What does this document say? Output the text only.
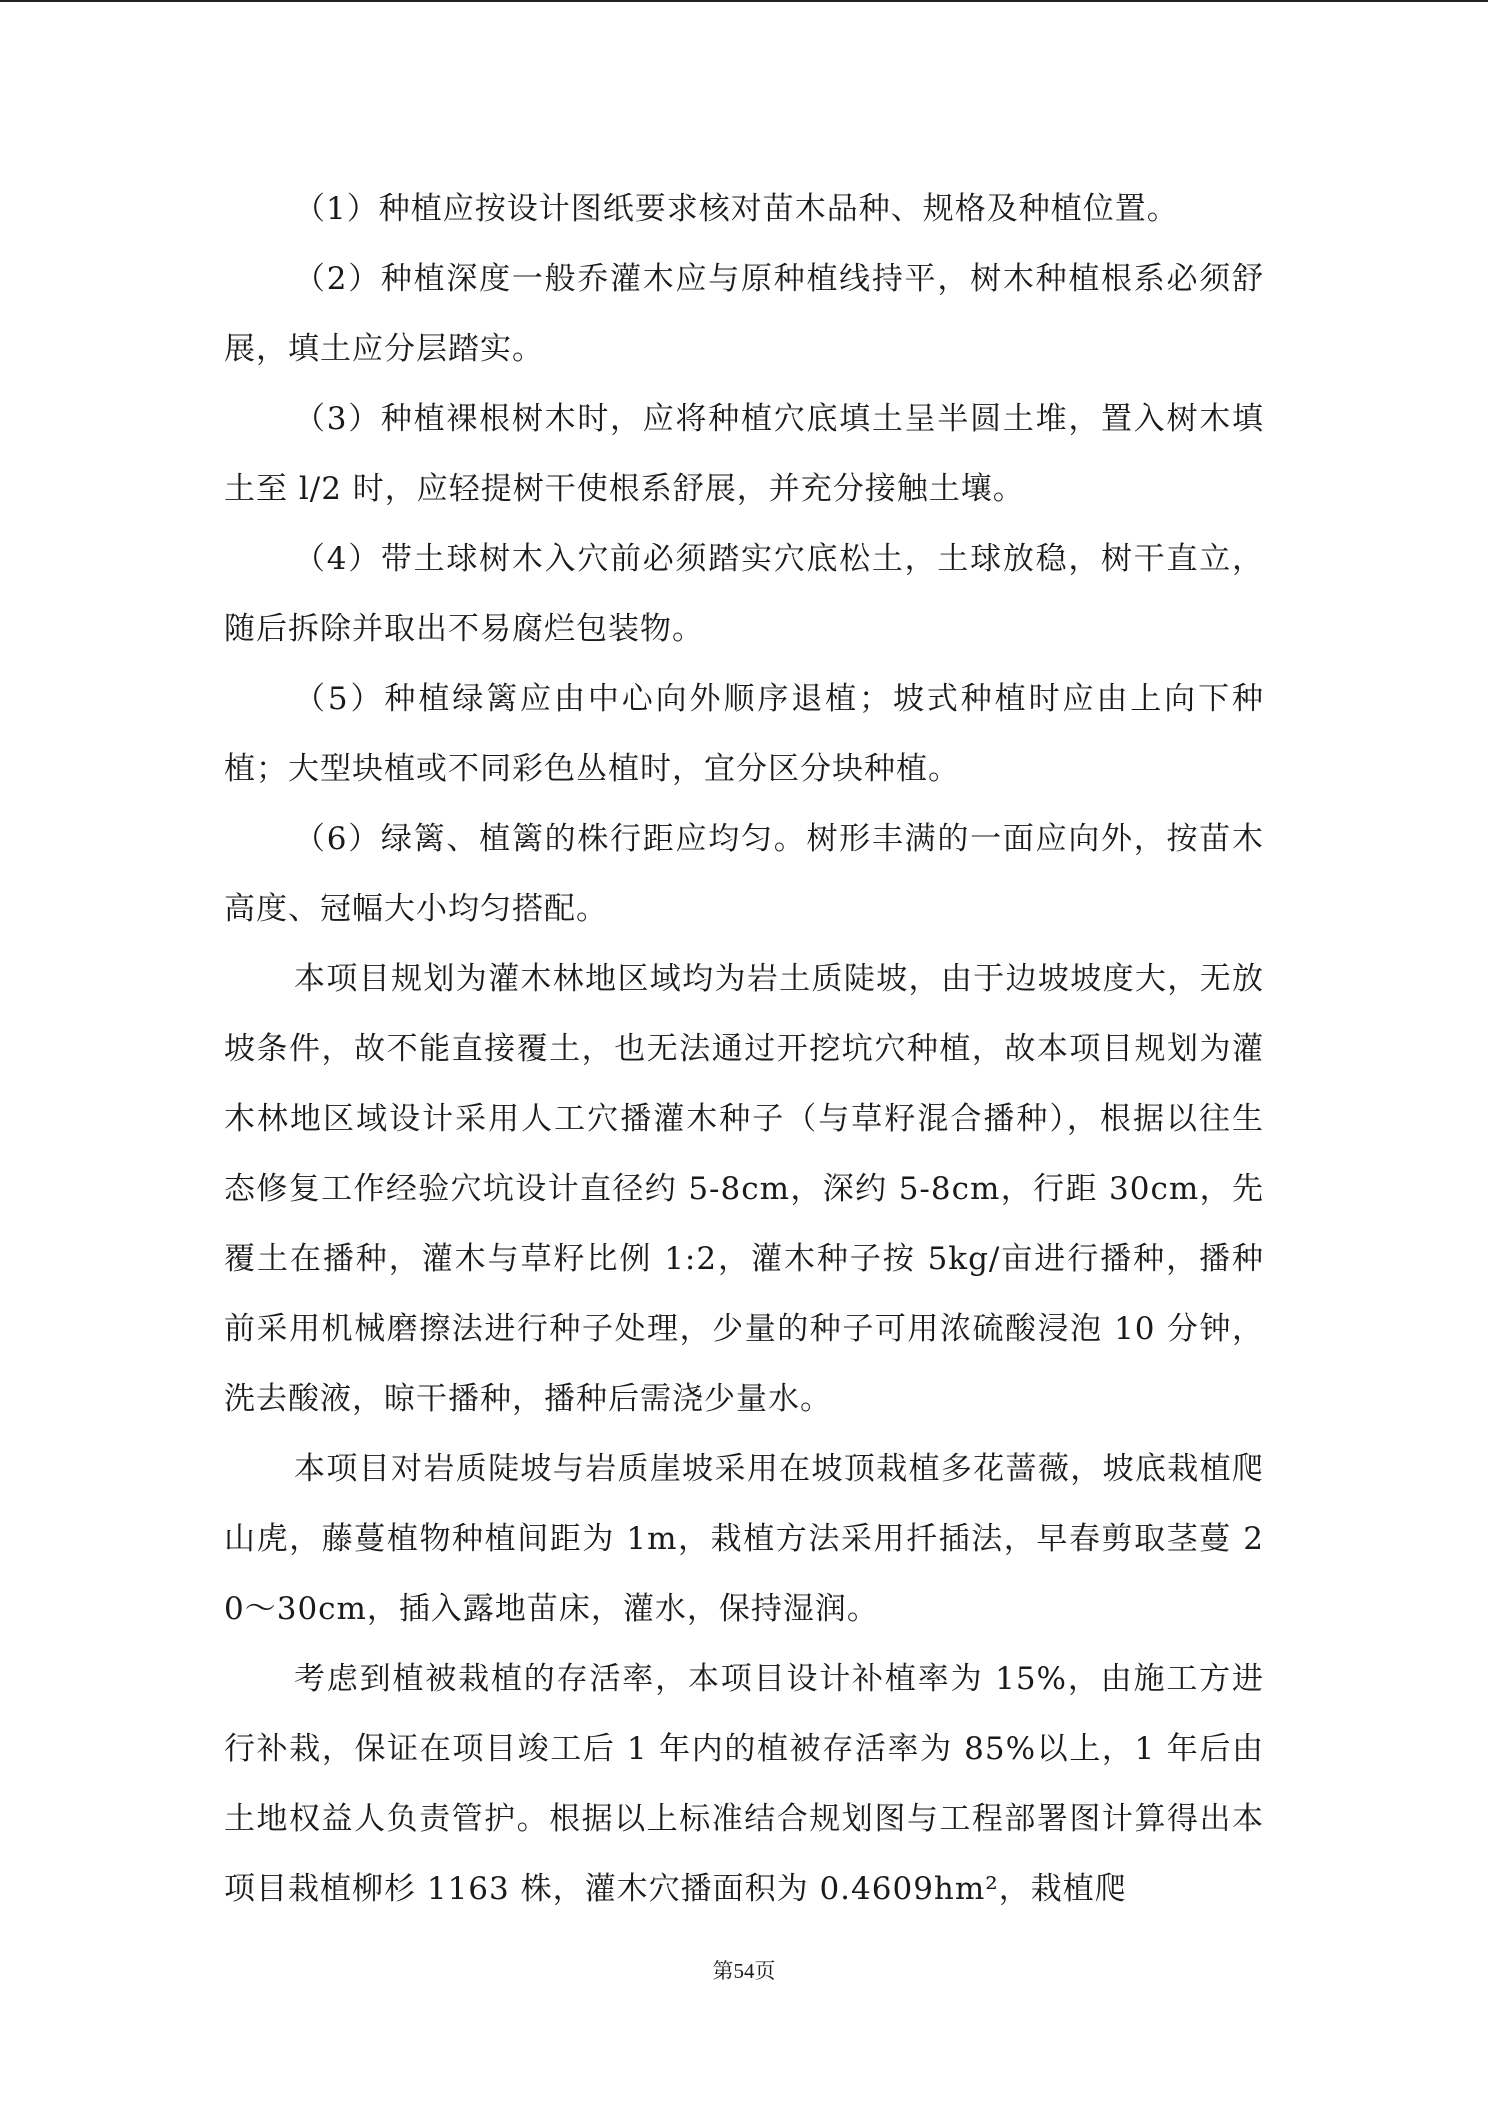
（1）种植应按设计图纸要求核对苗木品种、规格及种植位置。

（2）种植深度一般乔灌木应与原种植线持平，树木种植根系必须舒展，填土应分层踏实。

（3）种植裸根树木时，应将种植穴底填土呈半圆土堆，置入树木填土至 l/2 时，应轻提树干使根系舒展，并充分接触土壤。

（4）带土球树木入穴前必须踏实穴底松土，土球放稳，树干直立，随后拆除并取出不易腐烂包装物。

（5）种植绿篱应由中心向外顺序退植；坡式种植时应由上向下种植；大型块植或不同彩色丛植时，宜分区分块种植。

（6）绿篱、植篱的株行距应均匀。树形丰满的一面应向外，按苗木高度、冠幅大小均匀搭配。

本项目规划为灌木林地区域均为岩土质陡坡，由于边坡坡度大，无放坡条件，故不能直接覆土，也无法通过开挖坑穴种植，故本项目规划为灌木林地区域设计采用人工穴播灌木种子（与草籽混合播种），根据以往生态修复工作经验穴坑设计直径约 5-8cm，深约 5-8cm，行距 30cm，先覆土在播种，灌木与草籽比例 1:2，灌木种子按 5kg/亩进行播种，播种前采用机械磨擦法进行种子处理，少量的种子可用浓硫酸浸泡 10 分钟，洗去酸液，晾干播种，播种后需浇少量水。

本项目对岩质陡坡与岩质崖坡采用在坡顶栽植多花蔷薇，坡底栽植爬山虎，藤蔓植物种植间距为 1m，栽植方法采用扦插法，早春剪取茎蔓 20～30cm，插入露地苗床，灌水，保持湿润。

考虑到植被栽植的存活率，本项目设计补植率为 15%，由施工方进行补栽，保证在项目竣工后 1 年内的植被存活率为 85%以上，1 年后由土地权益人负责管护。根据以上标准结合规划图与工程部署图计算得出本项目栽植柳杉 1163 株，灌木穴播面积为 0.4609hm²，栽植爬

第54页
